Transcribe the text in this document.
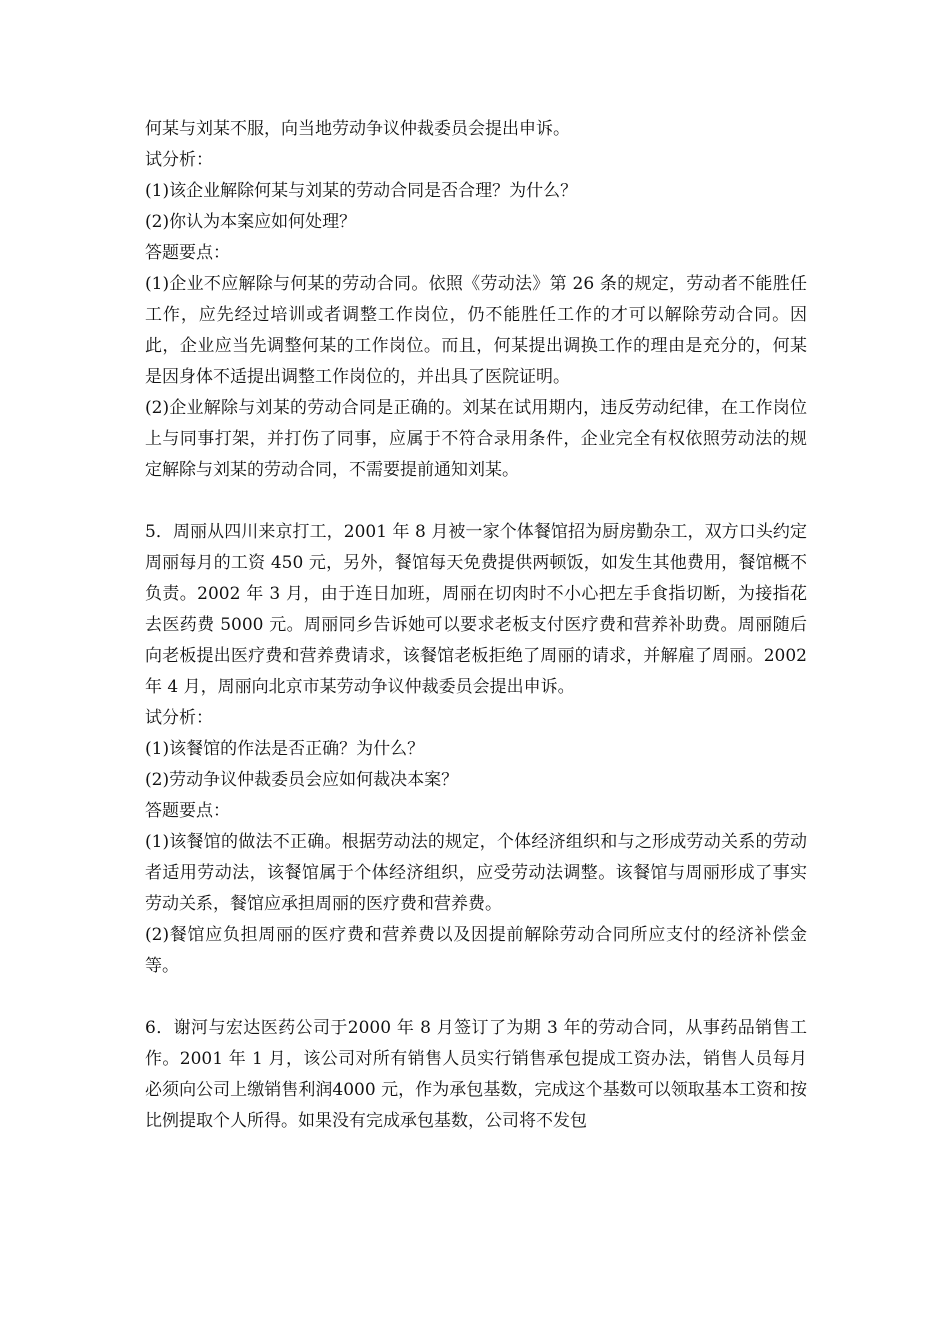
何某与刘某不服，向当地劳动争议仲裁委员会提出申诉。

试分析：

(1)该企业解除何某与刘某的劳动合同是否合理？为什么？

(2)你认为本案应如何处理？

答题要点：

(1)企业不应解除与何某的劳动合同。依照《劳动法》第 26 条的规定，劳动者不能胜任工作，应先经过培训或者调整工作岗位，仍不能胜任工作的才可以解除劳动合同。因此，企业应当先调整何某的工作岗位。而且，何某提出调换工作的理由是充分的，何某是因身体不适提出调整工作岗位的，并出具了医院证明。

(2)企业解除与刘某的劳动合同是正确的。刘某在试用期内，违反劳动纪律，在工作岗位上与同事打架，并打伤了同事，应属于不符合录用条件，企业完全有权依照劳动法的规定解除与刘某的劳动合同，不需要提前通知刘某。

5．周丽从四川来京打工，2001 年 8 月被一家个体餐馆招为厨房勤杂工，双方口头约定周丽每月的工资 450 元，另外，餐馆每天免费提供两顿饭，如发生其他费用，餐馆概不负责。2002 年 3 月，由于连日加班，周丽在切肉时不小心把左手食指切断，为接指花去医药费 5000 元。周丽同乡告诉她可以要求老板支付医疗费和营养补助费。周丽随后向老板提出医疗费和营养费请求，该餐馆老板拒绝了周丽的请求，并解雇了周丽。2002 年 4 月，周丽向北京市某劳动争议仲裁委员会提出申诉。

试分析：

(1)该餐馆的作法是否正确？为什么？

(2)劳动争议仲裁委员会应如何裁决本案？

答题要点：

(1)该餐馆的做法不正确。根据劳动法的规定，个体经济组织和与之形成劳动关系的劳动者适用劳动法，该餐馆属于个体经济组织，应受劳动法调整。该餐馆与周丽形成了事实劳动关系，餐馆应承担周丽的医疗费和营养费。

(2)餐馆应负担周丽的医疗费和营养费以及因提前解除劳动合同所应支付的经济补偿金等。

6．谢河与宏达医药公司于2000 年 8 月签订了为期 3 年的劳动合同，从事药品销售工作。2001 年 1 月，该公司对所有销售人员实行销售承包提成工资办法，销售人员每月必须向公司上缴销售利润4000 元，作为承包基数，完成这个基数可以领取基本工资和按比例提取个人所得。如果没有完成承包基数，公司将不发包
